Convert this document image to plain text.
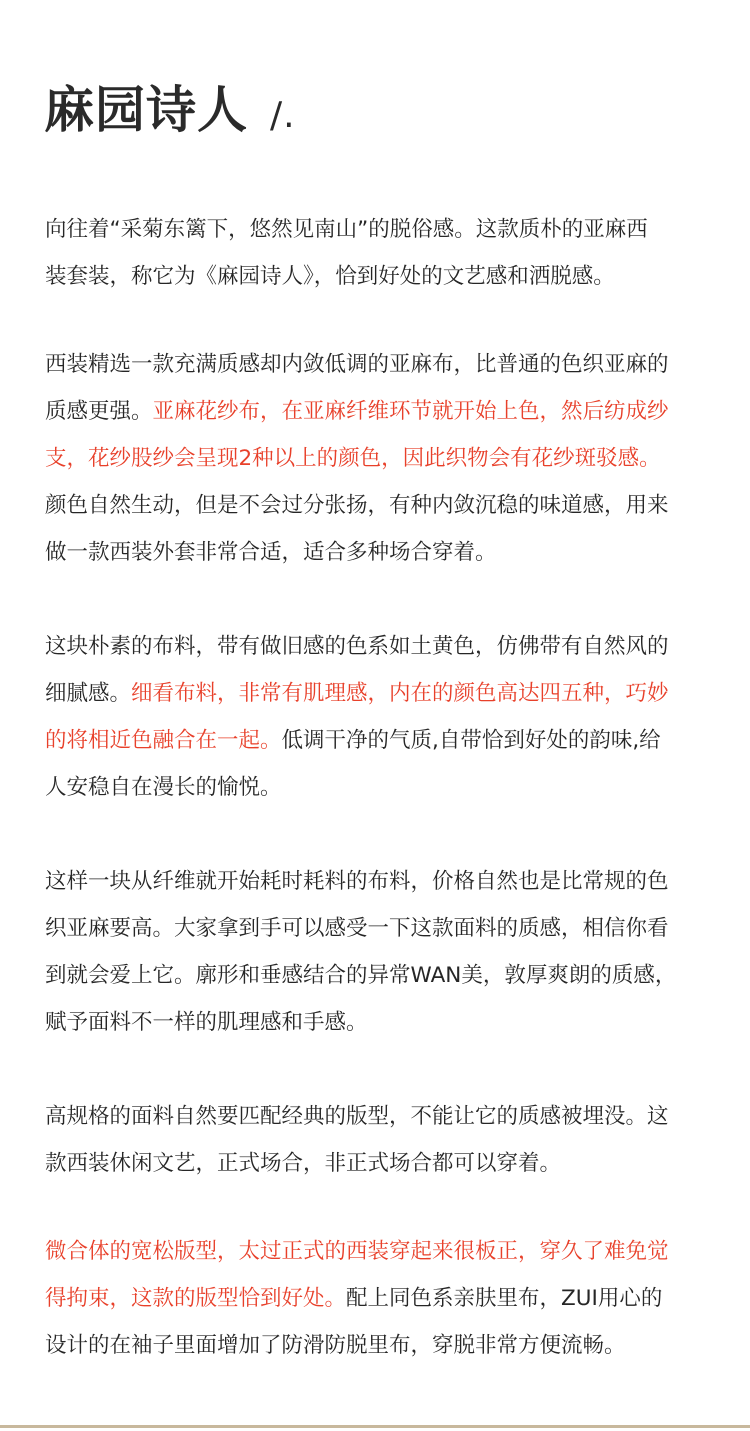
麻园诗人 /.

向往着“采菊东篱下，悠然见南山”的脱俗感。这款质朴的亚麻西
装套装，称它为《麻园诗人》，恰到好处的文艺感和洒脱感。

西装精选一款充满质感却内敛低调的亚麻布，比普通的色织亚麻的
质感更强。亚麻花纱布，在亚麻纤维环节就开始上色，然后纺成纱
支，花纱股纱会呈现2种以上的颜色，因此织物会有花纱斑驳感。
颜色自然生动，但是不会过分张扬，有种内敛沉稳的味道感，用来
做一款西装外套非常合适，适合多种场合穿着。

这块朴素的布料，带有做旧感的色系如土黄色，仿佛带有自然风的
细腻感。细看布料，非常有肌理感，内在的颜色高达四五种，巧妙
的将相近色融合在一起。低调干净的气质,自带恰到好处的韵味,给
人安稳自在漫长的愉悦。

这样一块从纤维就开始耗时耗料的布料，价格自然也是比常规的色
织亚麻要高。大家拿到手可以感受一下这款面料的质感，相信你看
到就会爱上它。廓形和垂感结合的异常WAN美，敦厚爽朗的质感，
赋予面料不一样的肌理感和手感。

高规格的面料自然要匹配经典的版型，不能让它的质感被埋没。这
款西装休闲文艺，正式场合，非正式场合都可以穿着。

微合体的宽松版型，太过正式的西装穿起来很板正，穿久了难免觉
得拘束，这款的版型恰到好处。配上同色系亲肤里布，ZUI用心的
设计的在袖子里面增加了防滑防脱里布，穿脱非常方便流畅。
